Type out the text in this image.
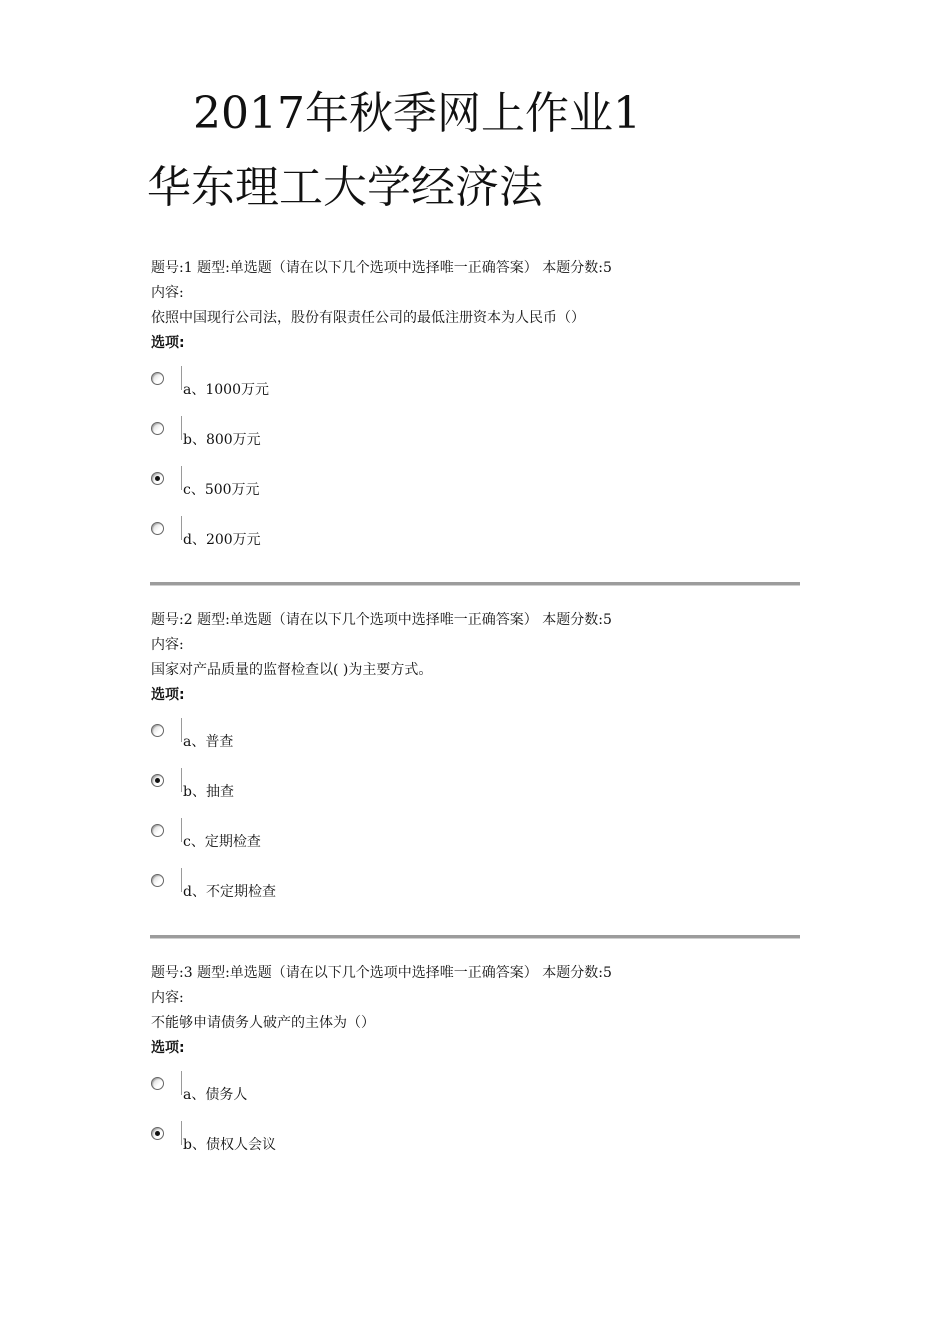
2017年秋季网上作业1
华东理工大学经济法
题号:1 题型:单选题（请在以下几个选项中选择唯一正确答案） 本题分数:5
内容:
依照中国现行公司法，股份有限责任公司的最低注册资本为人民币（）
选项:
a、1000万元
b、800万元
c、500万元
d、200万元
题号:2 题型:单选题（请在以下几个选项中选择唯一正确答案） 本题分数:5
内容:
国家对产品质量的监督检查以( )为主要方式。
选项:
a、普查
b、抽查
c、定期检查
d、不定期检查
题号:3 题型:单选题（请在以下几个选项中选择唯一正确答案） 本题分数:5
内容:
不能够申请债务人破产的主体为（）
选项:
a、债务人
b、债权人会议
